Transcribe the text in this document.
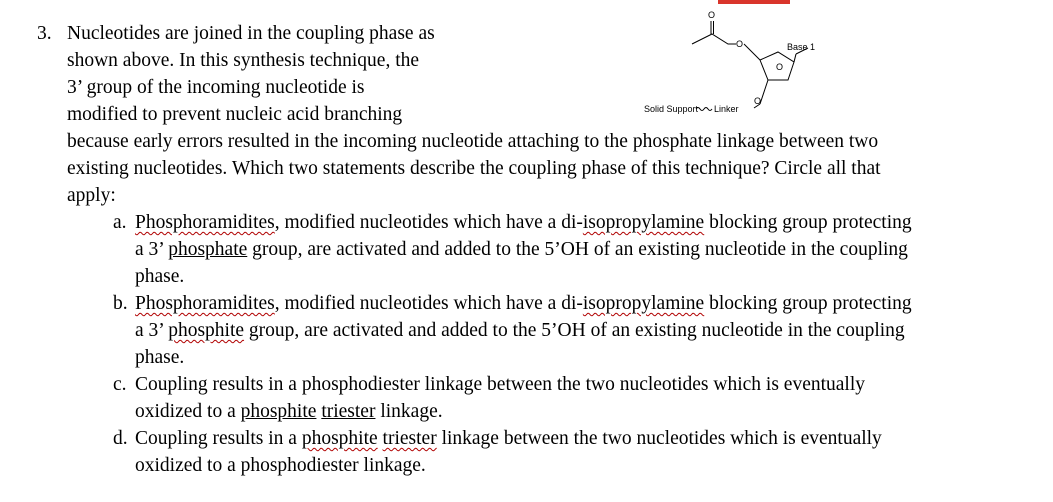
3. Nucleotides are joined in the coupling phase as
shown above. In this synthesis technique, the
3’ group of the incoming nucleotide is
modified to prevent nucleic acid branching
because early errors resulted in the incoming nucleotide attaching to the phosphate linkage between two
existing nucleotides. Which two statements describe the coupling phase of this technique? Circle all that
apply:
O
O
O
Base 1
O
Solid Support Linker
a. Phosphoramidites, modified nucleotides which have a di-isopropylamine blocking group protecting
a 3’ phosphate group, are activated and added to the 5’OH of an existing nucleotide in the coupling
phase.
b. Phosphoramidites, modified nucleotides which have a di-isopropylamine blocking group protecting
a 3’ phosphite group, are activated and added to the 5’OH of an existing nucleotide in the coupling
phase.
c. Coupling results in a phosphodiester linkage between the two nucleotides which is eventually
oxidized to a phosphite triester linkage.
d. Coupling results in a phosphite triester linkage between the two nucleotides which is eventually
oxidized to a phosphodiester linkage.
